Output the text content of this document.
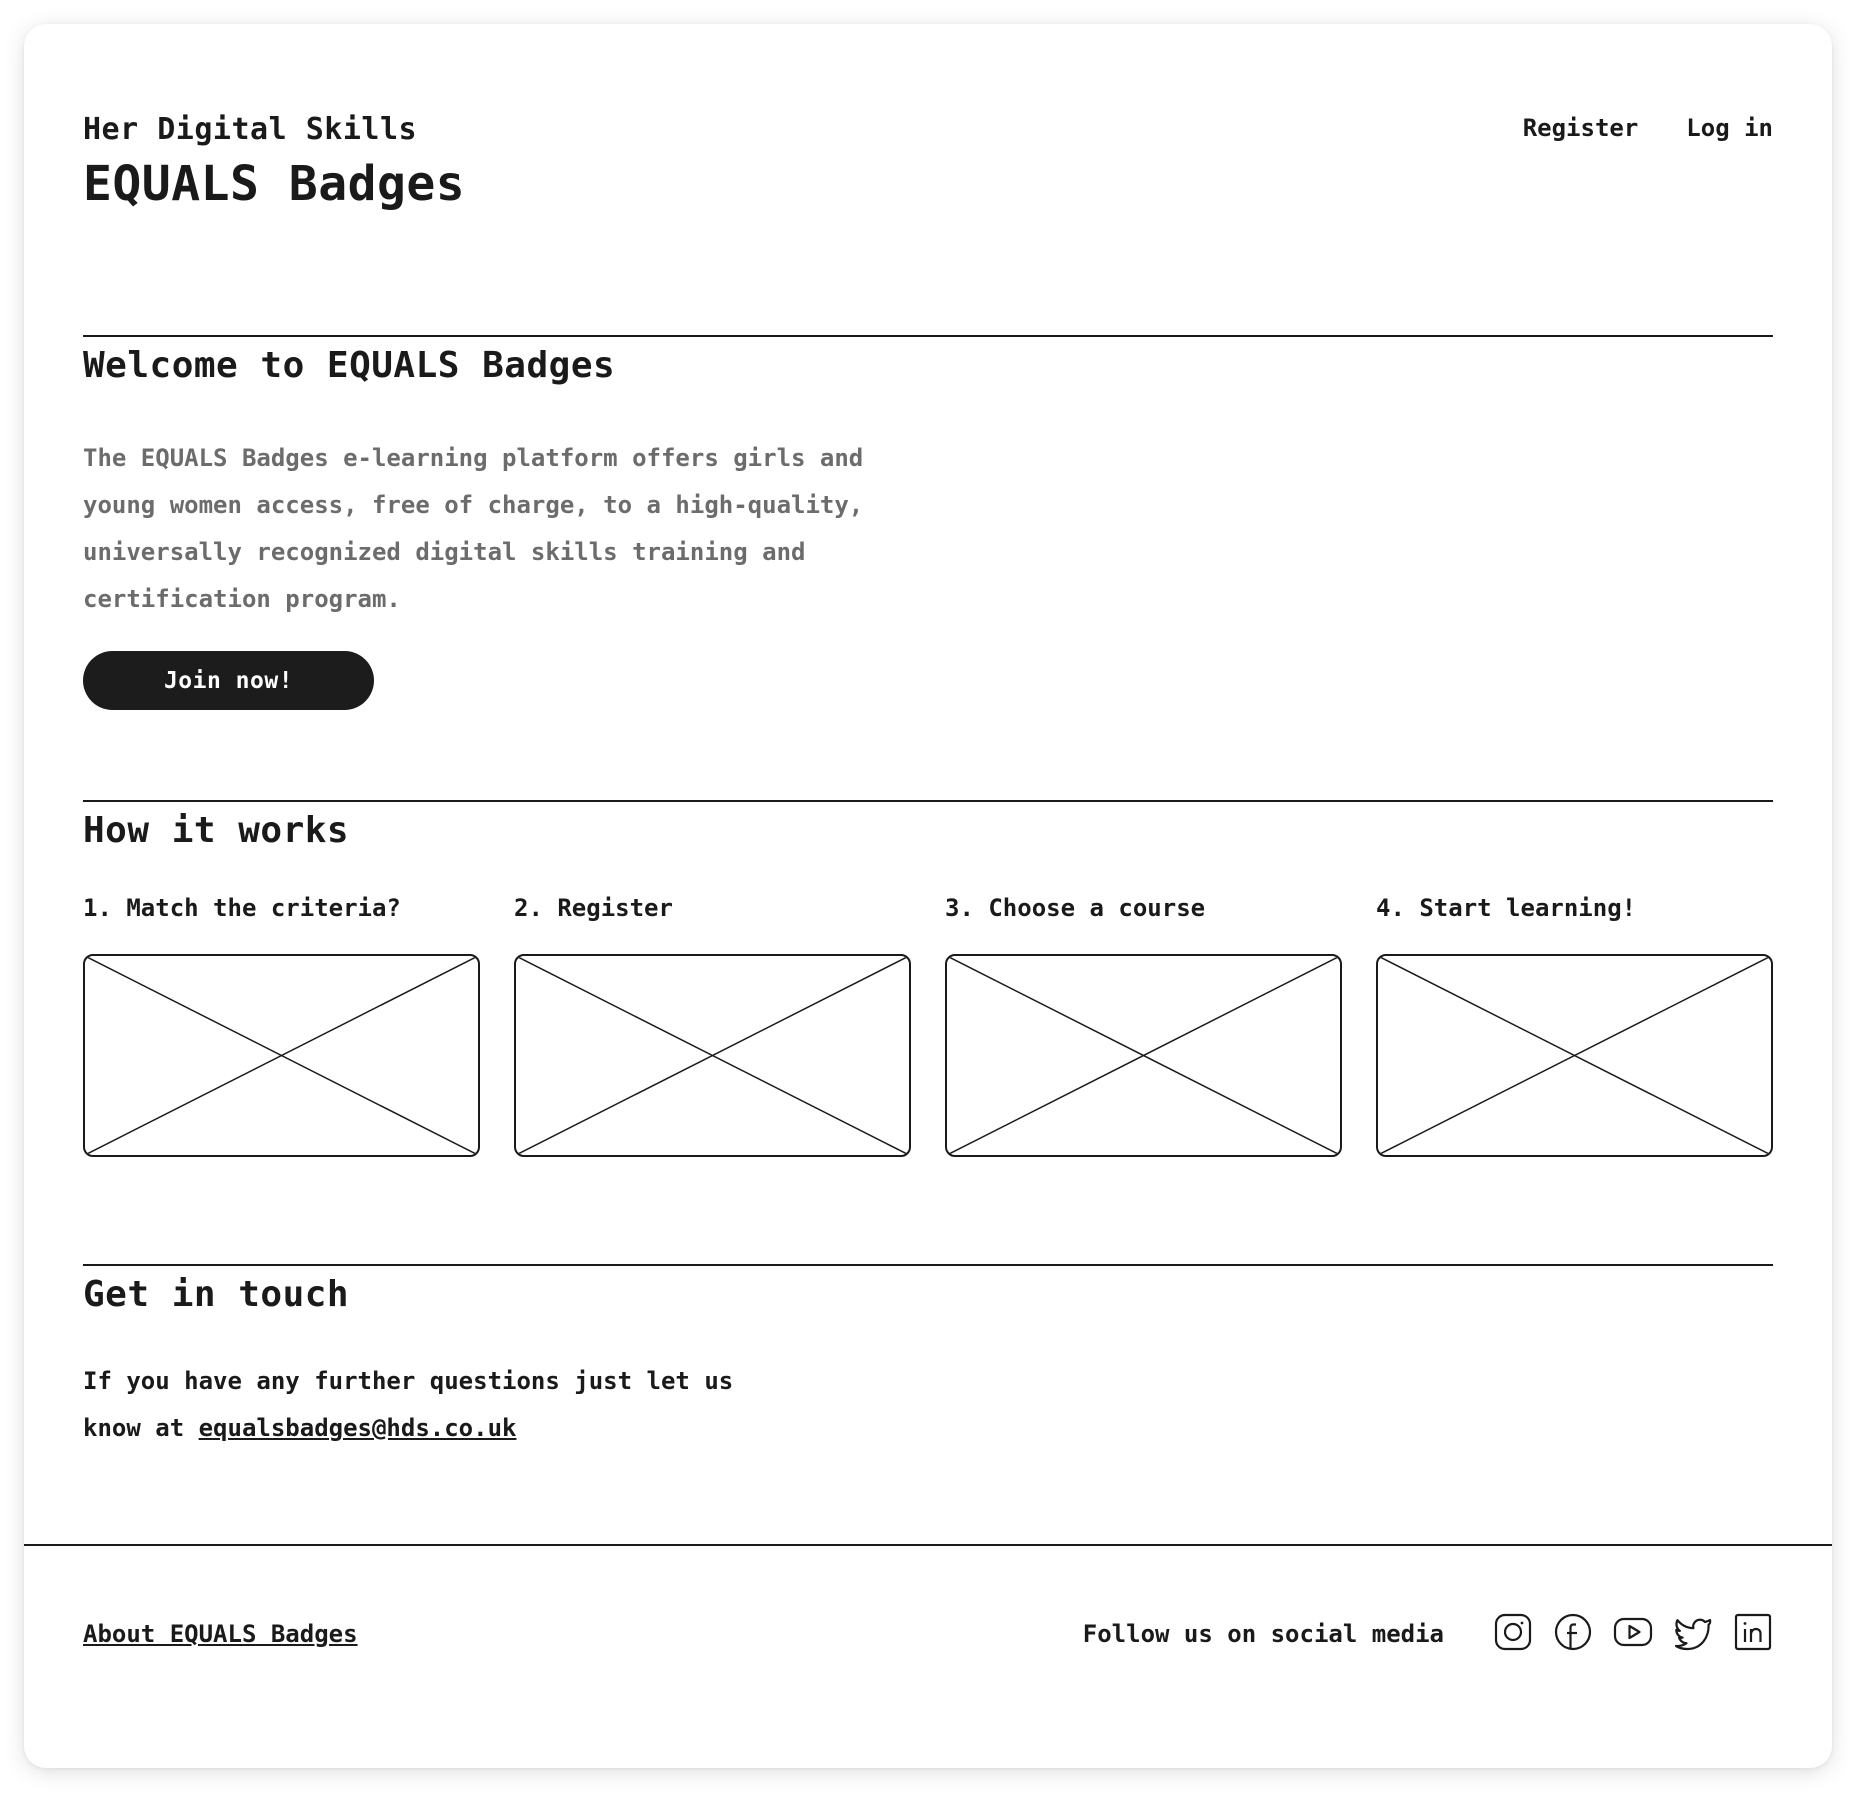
Her Digital Skills
EQUALS Badges
Register Log in
Welcome to EQUALS Badges

The EQUALS Badges e-learning platform offers girls and young women access, free of charge, to a high-quality, universally recognized digital skills training and certification program.

Join now!
How it works

1. Match the criteria?	2. Register	3. Choose a course	4. Start learning!

Get in touch

If you have any further questions just let us know at equalsbadges@hds.co.uk

About EQUALS Badges	Follow us on social media
